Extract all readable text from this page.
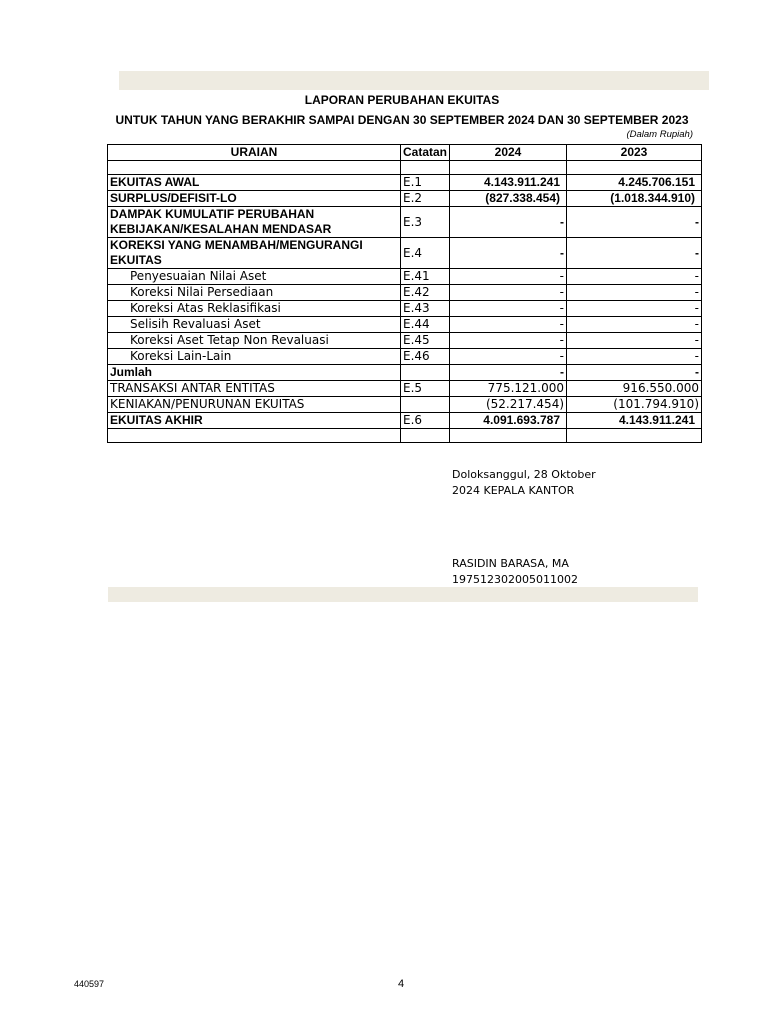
LAPORAN PERUBAHAN EKUITAS
UNTUK TAHUN YANG BERAKHIR SAMPAI DENGAN 30 SEPTEMBER 2024 DAN 30 SEPTEMBER 2023
(Dalam Rupiah)
URAIAN	Catatan	2024	2023

EKUITAS AWAL	E.1	4.143.911.241	4.245.706.151
SURPLUS/DEFISIT-LO	E.2	(827.338.454)	(1.018.344.910)
DAMPAK KUMULATIF PERUBAHAN KEBIJAKAN/KESALAHAN MENDASAR	E.3	-	-
KOREKSI YANG MENAMBAH/MENGURANGI EKUITAS	E.4	-	-
Penyesuaian Nilai Aset	E.41	-	-
Koreksi Nilai Persediaan	E.42	-	-
Koreksi Atas Reklasifikasi	E.43	-	-
Selisih Revaluasi Aset	E.44	-	-
Koreksi Aset Tetap Non Revaluasi	E.45	-	-
Koreksi Lain-Lain	E.46	-	-
Jumlah		-	-
TRANSAKSI ANTAR ENTITAS	E.5	775.121.000	916.550.000
KENIAKAN/PENURUNAN EKUITAS		(52.217.454)	(101.794.910)
EKUITAS AKHIR	E.6	4.091.693.787	4.143.911.241

Doloksanggul, 28 Oktober
2024 KEPALA KANTOR
RASIDIN BARASA, MA
197512302005011002
440597	4
